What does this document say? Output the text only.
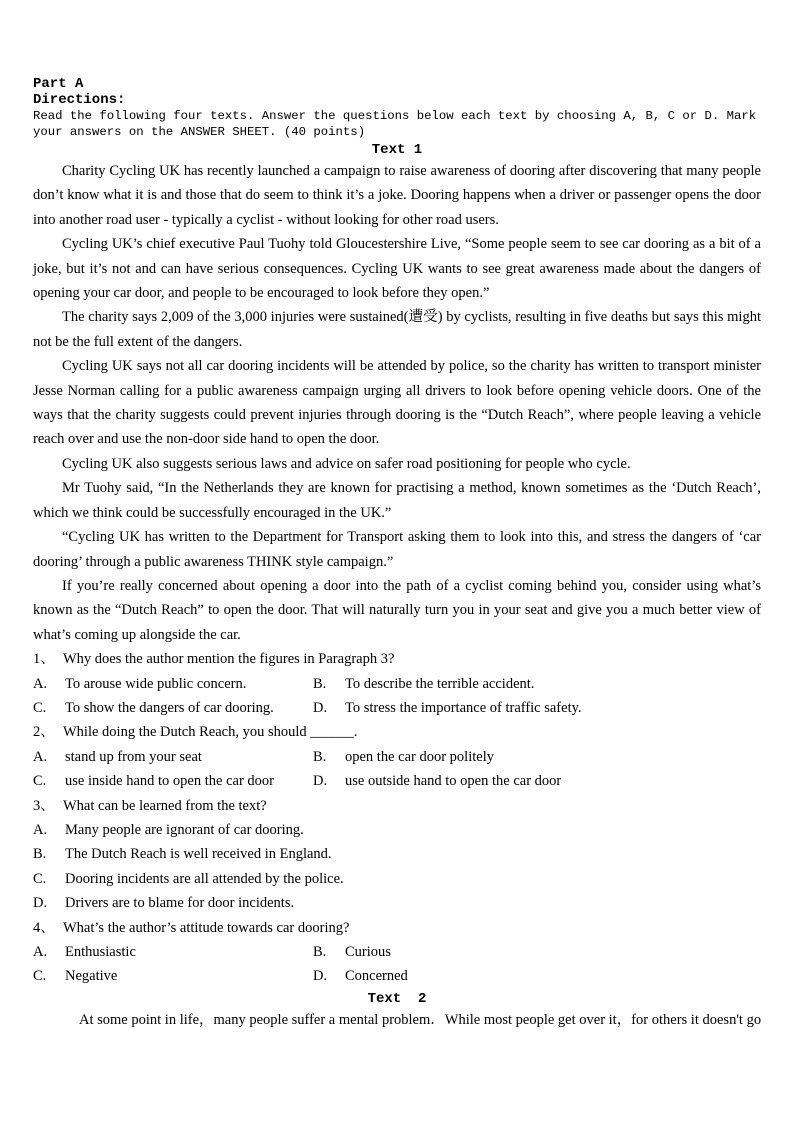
Part A
Directions:
Read the following four texts. Answer the questions below each text by choosing A, B, C or D. Mark
your answers on the ANSWER SHEET. (40 points)
Text 1

Charity Cycling UK has recently launched a campaign to raise awareness of dooring after discovering that many people don’t know what it is and those that do seem to think it’s a joke. Dooring happens when a driver or passenger opens the door into another road user - typically a cyclist - without looking for other road users.

Cycling UK’s chief executive Paul Tuohy told Gloucestershire Live, “Some people seem to see car dooring as a bit of a joke, but it’s not and can have serious consequences. Cycling UK wants to see great awareness made about the dangers of opening your car door, and people to be encouraged to look before they open.”

The charity says 2,009 of the 3,000 injuries were sustained(遭受) by cyclists, resulting in five deaths but says this might not be the full extent of the dangers.

Cycling UK says not all car dooring incidents will be attended by police, so the charity has written to transport minister Jesse Norman calling for a public awareness campaign urging all drivers to look before opening vehicle doors. One of the ways that the charity suggests could prevent injuries through dooring is the “Dutch Reach”, where people leaving a vehicle reach over and use the non-door side hand to open the door.

Cycling UK also suggests serious laws and advice on safer road positioning for people who cycle.

Mr Tuohy said, “In the Netherlands they are known for practising a method, known sometimes as the ‘Dutch Reach’, which we think could be successfully encouraged in the UK.”

“Cycling UK has written to the Department for Transport asking them to look into this, and stress the dangers of ‘car dooring’ through a public awareness THINK style campaign.”

If you’re really concerned about opening a door into the path of a cyclist coming behind you, consider using what’s known as the “Dutch Reach” to open the door. That will naturally turn you in your seat and give you a much better view of what’s coming up alongside the car.

1、 Why does the author mention the figures in Paragraph 3?
A. To arouse wide public concern.	B. To describe the terrible accident.
C. To show the dangers of car dooring.	D. To stress the importance of traffic safety.
2、 While doing the Dutch Reach, you should ______.
A. stand up from your seat	B. open the car door politely
C. use inside hand to open the car door	D. use outside hand to open the car door
3、 What can be learned from the text?
A. Many people are ignorant of car dooring.
B. The Dutch Reach is well received in England.
C. Dooring incidents are all attended by the police.
D. Drivers are to blame for door incidents.
4、 What’s the author’s attitude towards car dooring?
A. Enthusiastic	B. Curious
C. Negative	D. Concerned
Text  2

At some point in life，many people suffer a mental problem．While most people get over it，for others it doesn't go
